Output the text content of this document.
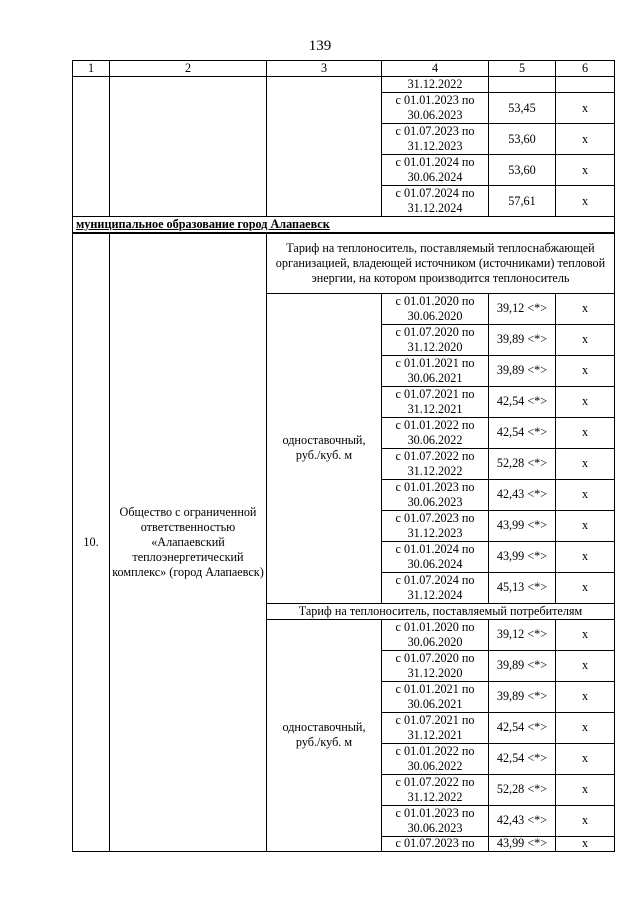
139
1	2	3	4	5	6
			31.12.2022		
			с 01.01.2023 по 30.06.2023	53,45	x
			с 01.07.2023 по 31.12.2023	53,60	x
			с 01.01.2024 по 30.06.2024	53,60	x
			с 01.07.2024 по 31.12.2024	57,61	x
муниципальное образование город Алапаевск					
10.	Общество с ограниченной ответственностью «Алапаевский теплоэнергетический комплекс» (город Алапаевск)	Тариф на теплоноситель, поставляемый теплоснабжающей организацией, владеющей источником (источниками) тепловой энергии, на котором производится теплоноситель			
		одноставочный, руб./куб. м	с 01.01.2020 по 30.06.2020	39,12 <*>	x
			с 01.07.2020 по 31.12.2020	39,89 <*>	x
			с 01.01.2021 по 30.06.2021	39,89 <*>	x
			с 01.07.2021 по 31.12.2021	42,54 <*>	x
			с 01.01.2022 по 30.06.2022	42,54 <*>	x
			с 01.07.2022 по 31.12.2022	52,28 <*>	x
			с 01.01.2023 по 30.06.2023	42,43 <*>	x
			с 01.07.2023 по 31.12.2023	43,99 <*>	x
			с 01.01.2024 по 30.06.2024	43,99 <*>	x
			с 01.07.2024 по 31.12.2024	45,13 <*>	x
		Тариф на теплоноситель, поставляемый потребителям			
		одноставочный, руб./куб. м	с 01.01.2020 по 30.06.2020	39,12 <*>	x
			с 01.07.2020 по 31.12.2020	39,89 <*>	x
			с 01.01.2021 по 30.06.2021	39,89 <*>	x
			с 01.07.2021 по 31.12.2021	42,54 <*>	x
			с 01.01.2022 по 30.06.2022	42,54 <*>	x
			с 01.07.2022 по 31.12.2022	52,28 <*>	x
			с 01.01.2023 по 30.06.2023	42,43 <*>	x
			с 01.07.2023 по	43,99 <*>	x
